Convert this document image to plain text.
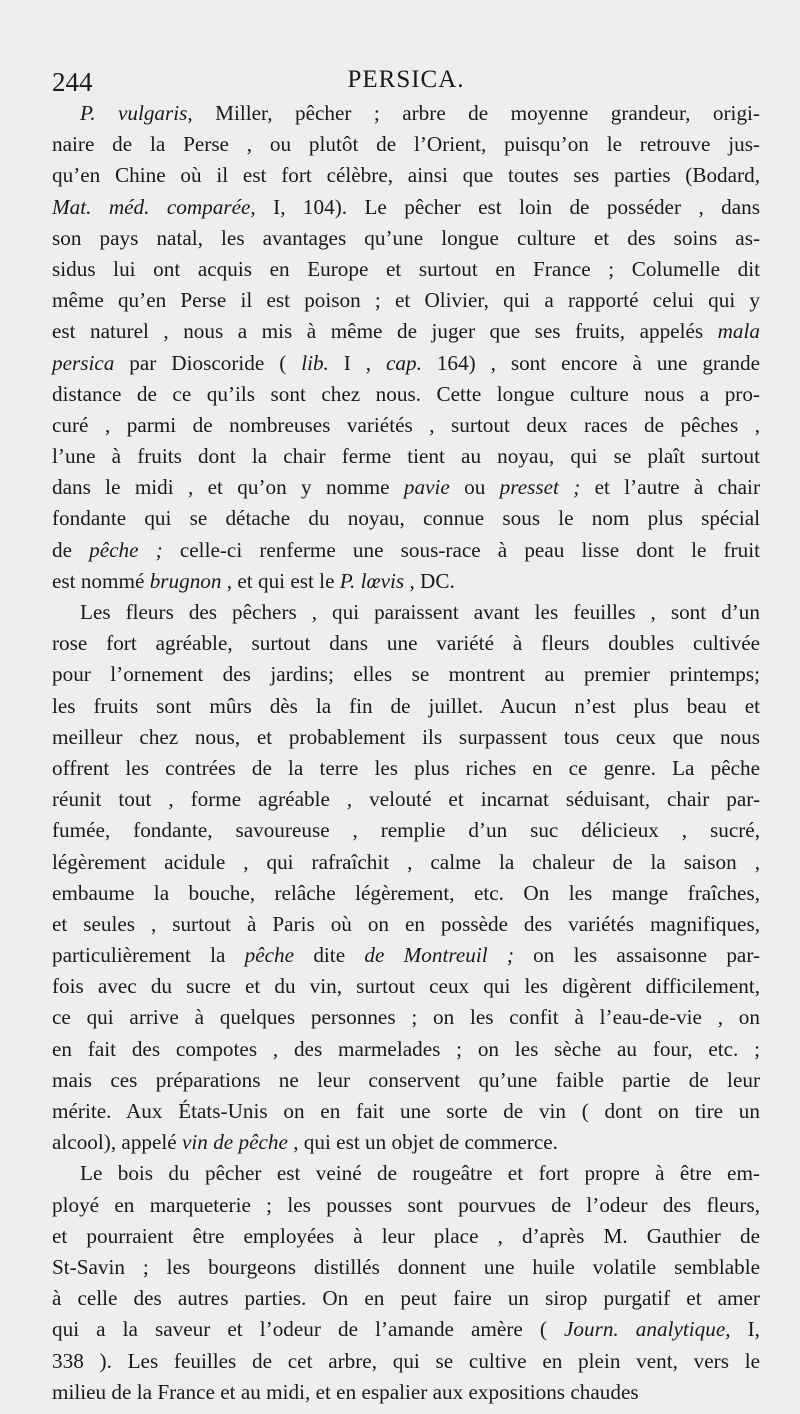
244	PERSICA.
P. vulgaris, Miller, pêcher ; arbre de moyenne grandeur, origi-
naire de la Perse , ou plutôt de l’Orient, puisqu’on le retrouve jus-
qu’en Chine où il est fort célèbre, ainsi que toutes ses parties (Bodard,
Mat. méd. comparée, I, 104). Le pêcher est loin de posséder , dans
son pays natal, les avantages qu’une longue culture et des soins as-
sidus lui ont acquis en Europe et surtout en France ; Columelle dit
même qu’en Perse il est poison ; et Olivier, qui a rapporté celui qui y
est naturel , nous a mis à même de juger que ses fruits, appelés mala
persica par Dioscoride ( lib. I , cap. 164) , sont encore à une grande
distance de ce qu’ils sont chez nous. Cette longue culture nous a pro-
curé , parmi de nombreuses variétés , surtout deux races de pêches ,
l’une à fruits dont la chair ferme tient au noyau, qui se plaît surtout
dans le midi , et qu’on y nomme pavie ou presset ; et l’autre à chair
fondante qui se détache du noyau, connue sous le nom plus spécial
de pêche ; celle-ci renferme une sous-race à peau lisse dont le fruit
est nommé brugnon , et qui est le P. lœvis , DC.
Les fleurs des pêchers , qui paraissent avant les feuilles , sont d’un
rose fort agréable, surtout dans une variété à fleurs doubles cultivée
pour l’ornement des jardins; elles se montrent au premier printemps;
les fruits sont mûrs dès la fin de juillet. Aucun n’est plus beau et
meilleur chez nous, et probablement ils surpassent tous ceux que nous
offrent les contrées de la terre les plus riches en ce genre. La pêche
réunit tout , forme agréable , velouté et incarnat séduisant, chair par-
fumée, fondante, savoureuse , remplie d’un suc délicieux , sucré,
légèrement acidule , qui rafraîchit , calme la chaleur de la saison ,
embaume la bouche, relâche légèrement, etc. On les mange fraîches,
et seules , surtout à Paris où on en possède des variétés magnifiques,
particulièrement la pêche dite de Montreuil ; on les assaisonne par-
fois avec du sucre et du vin, surtout ceux qui les digèrent difficilement,
ce qui arrive à quelques personnes ; on les confit à l’eau-de-vie , on
en fait des compotes , des marmelades ; on les sèche au four, etc. ;
mais ces préparations ne leur conservent qu’une faible partie de leur
mérite. Aux États-Unis on en fait une sorte de vin ( dont on tire un
alcool), appelé vin de pêche , qui est un objet de commerce.
Le bois du pêcher est veiné de rougeâtre et fort propre à être em-
ployé en marqueterie ; les pousses sont pourvues de l’odeur des fleurs,
et pourraient être employées à leur place , d’après M. Gauthier de
St-Savin ; les bourgeons distillés donnent une huile volatile semblable
à celle des autres parties. On en peut faire un sirop purgatif et amer
qui a la saveur et l’odeur de l’amande amère ( Journ. analytique, I,
338 ). Les feuilles de cet arbre, qui se cultive en plein vent, vers le
milieu de la France et au midi, et en espalier aux expositions chaudes
